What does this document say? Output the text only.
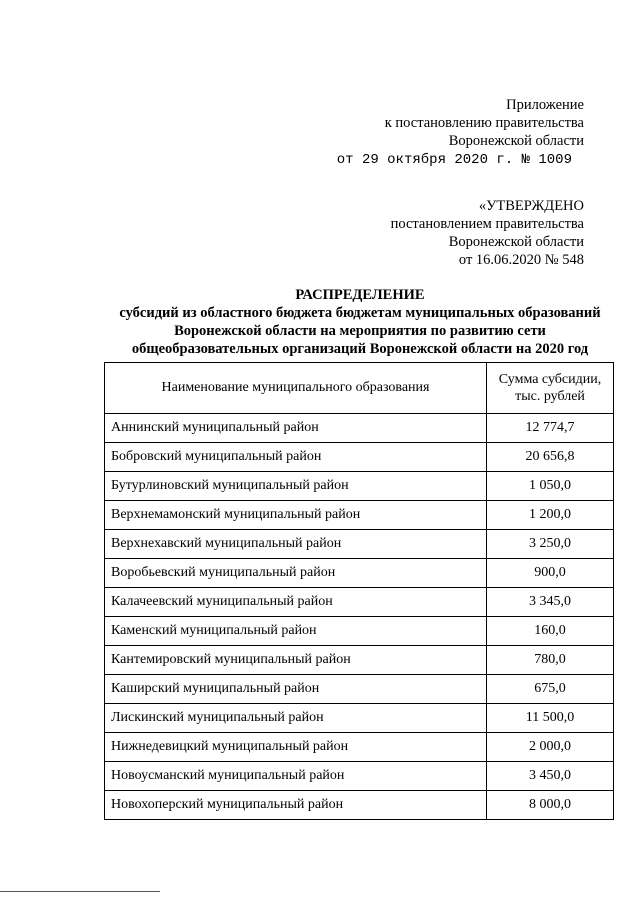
Приложение
к постановлению правительства
Воронежской области
от 29 октября 2020 г. № 1009
«УТВЕРЖДЕНО
постановлением правительства
Воронежской области
от 16.06.2020 № 548
РАСПРЕДЕЛЕНИЕ
субсидий из областного бюджета бюджетам муниципальных образований
Воронежской области на мероприятия по развитию сети
общеобразовательных организаций Воронежской области на 2020 год
Наименование муниципального образования	Сумма субсидии,
тыс. рублей

Аннинский муниципальный район	12 774,7
Бобровский муниципальный район	20 656,8
Бутурлиновский муниципальный район	1 050,0
Верхнемамонский муниципальный район	1 200,0
Верхнехавский муниципальный район	3 250,0
Воробьевский муниципальный район	900,0
Калачеевский муниципальный район	3 345,0
Каменский муниципальный район	160,0
Кантемировский муниципальный район	780,0
Каширский муниципальный район	675,0
Лискинский муниципальный район	11 500,0
Нижнедевицкий муниципальный район	2 000,0
Новоусманский муниципальный район	3 450,0
Новохоперский муниципальный район	8 000,0
